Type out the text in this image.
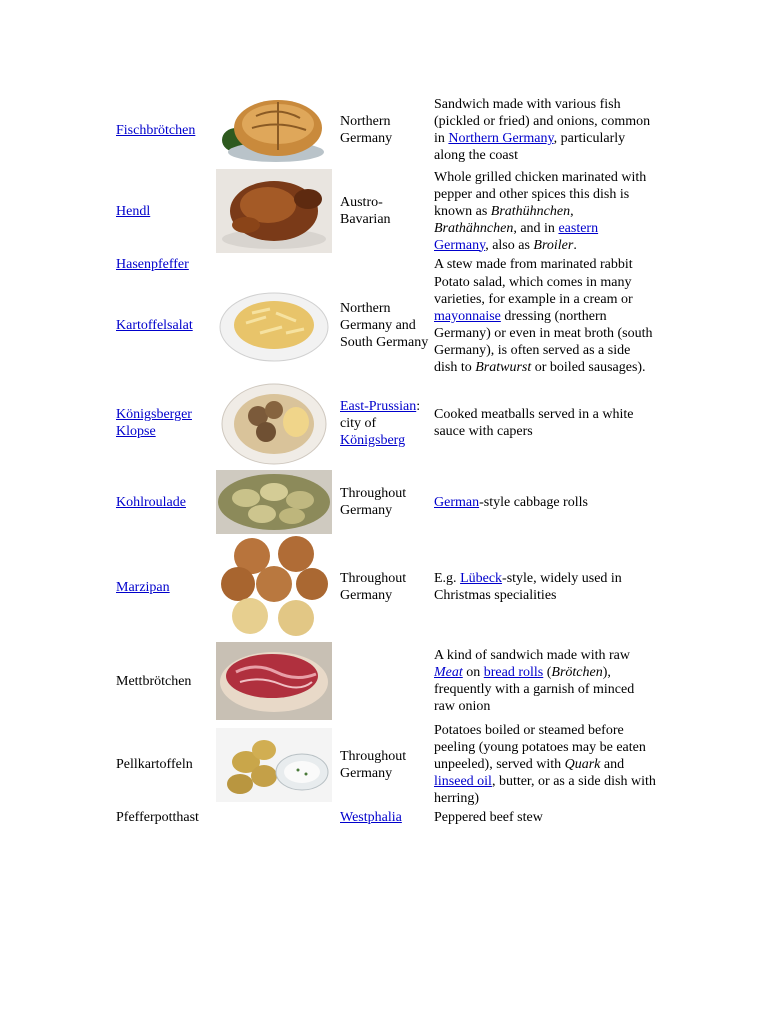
Fischbrötchen		Northern Germany	Sandwich made with various fish (pickled or fried) and onions, common in Northern Germany, particularly along the coast
Hendl		Austro-Bavarian	Whole grilled chicken marinated with pepper and other spices this dish is known as Brathühnchen, Brathähnchen, and in eastern Germany, also as Broiler.
Hasenpfeffer			A stew made from marinated rabbit
Kartoffelsalat		Northern Germany and South Germany	Potato salad, which comes in many varieties, for example in a cream or mayonnaise dressing (northern Germany) or even in meat broth (south Germany), is often served as a side dish to Bratwurst or boiled sausages).
Königsberger Klopse		East-Prussian: city of Königsberg	Cooked meatballs served in a white sauce with capers
Kohlroulade		Throughout Germany	German-style cabbage rolls
Marzipan		Throughout Germany	E.g. Lübeck-style, widely used in Christmas specialities
Mettbrötchen			A kind of sandwich made with raw Meat on bread rolls (Brötchen), frequently with a garnish of minced raw onion
Pellkartoffeln		Throughout Germany	Potatoes boiled or steamed before peeling (young potatoes may be eaten unpeeled), served with Quark and linseed oil, butter, or as a side dish with herring)
Pfefferpotthast		Westphalia	Peppered beef stew
